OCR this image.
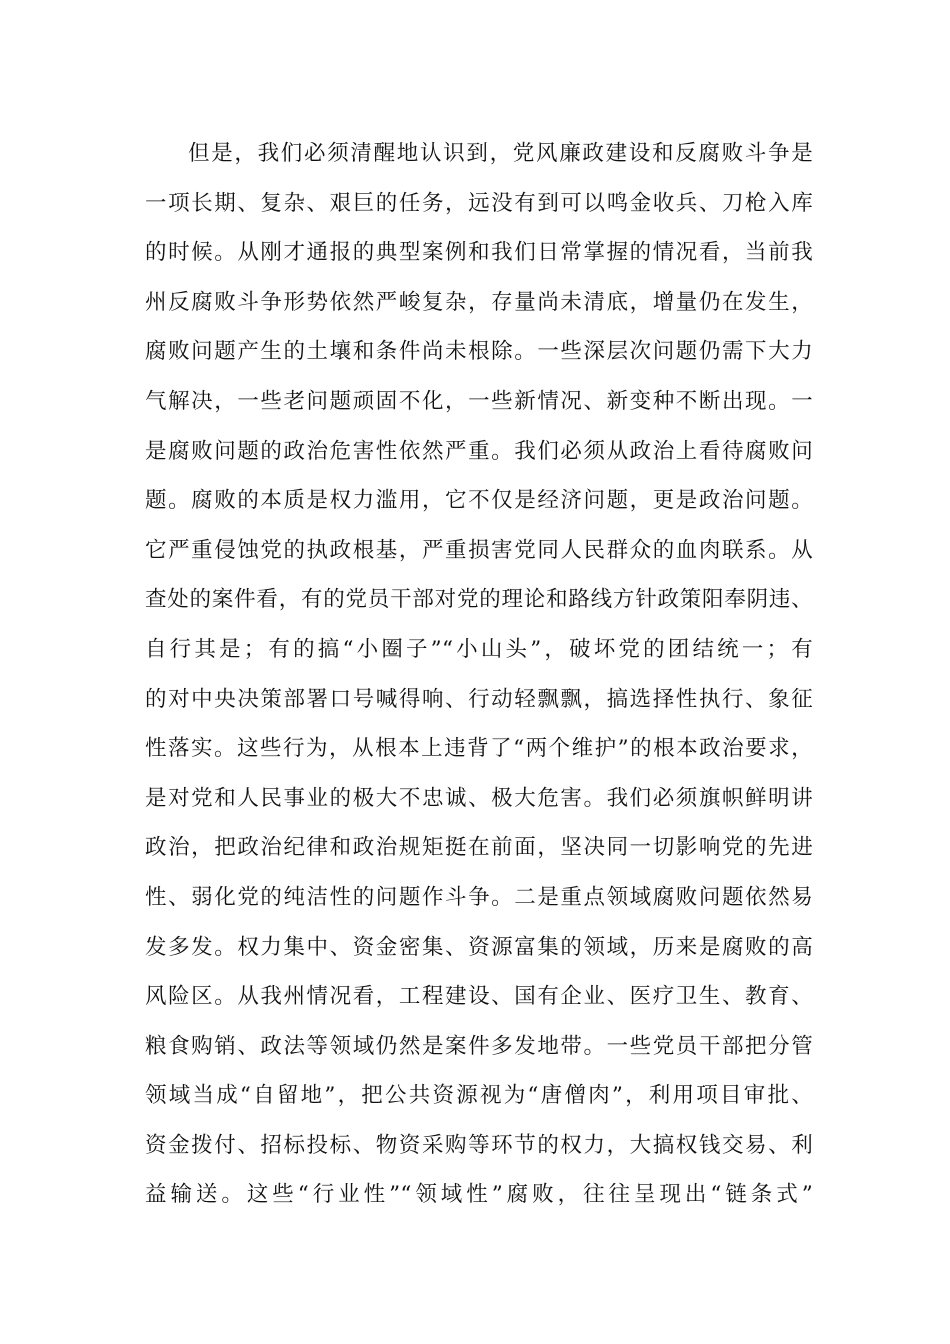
但是，我们必须清醒地认识到，党风廉政建设和反腐败斗争是
一项长期、复杂、艰巨的任务，远没有到可以鸣金收兵、刀枪入库
的时候。从刚才通报的典型案例和我们日常掌握的情况看，当前我
州反腐败斗争形势依然严峻复杂，存量尚未清底，增量仍在发生，
腐败问题产生的土壤和条件尚未根除。一些深层次问题仍需下大力
气解决，一些老问题顽固不化，一些新情况、新变种不断出现。一
是腐败问题的政治危害性依然严重。我们必须从政治上看待腐败问
题。腐败的本质是权力滥用，它不仅是经济问题，更是政治问题。
它严重侵蚀党的执政根基，严重损害党同人民群众的血肉联系。从
查处的案件看，有的党员干部对党的理论和路线方针政策阳奉阴违、
自行其是；有的搞“小圈子”“小山头”，破坏党的团结统一；有
的对中央决策部署口号喊得响、行动轻飘飘，搞选择性执行、象征
性落实。这些行为，从根本上违背了“两个维护”的根本政治要求，
是对党和人民事业的极大不忠诚、极大危害。我们必须旗帜鲜明讲
政治，把政治纪律和政治规矩挺在前面，坚决同一切影响党的先进
性、弱化党的纯洁性的问题作斗争。二是重点领域腐败问题依然易
发多发。权力集中、资金密集、资源富集的领域，历来是腐败的高
风险区。从我州情况看，工程建设、国有企业、医疗卫生、教育、
粮食购销、政法等领域仍然是案件多发地带。一些党员干部把分管
领域当成“自留地”，把公共资源视为“唐僧肉”，利用项目审批、
资金拨付、招标投标、物资采购等环节的权力，大搞权钱交易、利
益输送。这些“行业性”“领域性”腐败，往往呈现出“链条式”
